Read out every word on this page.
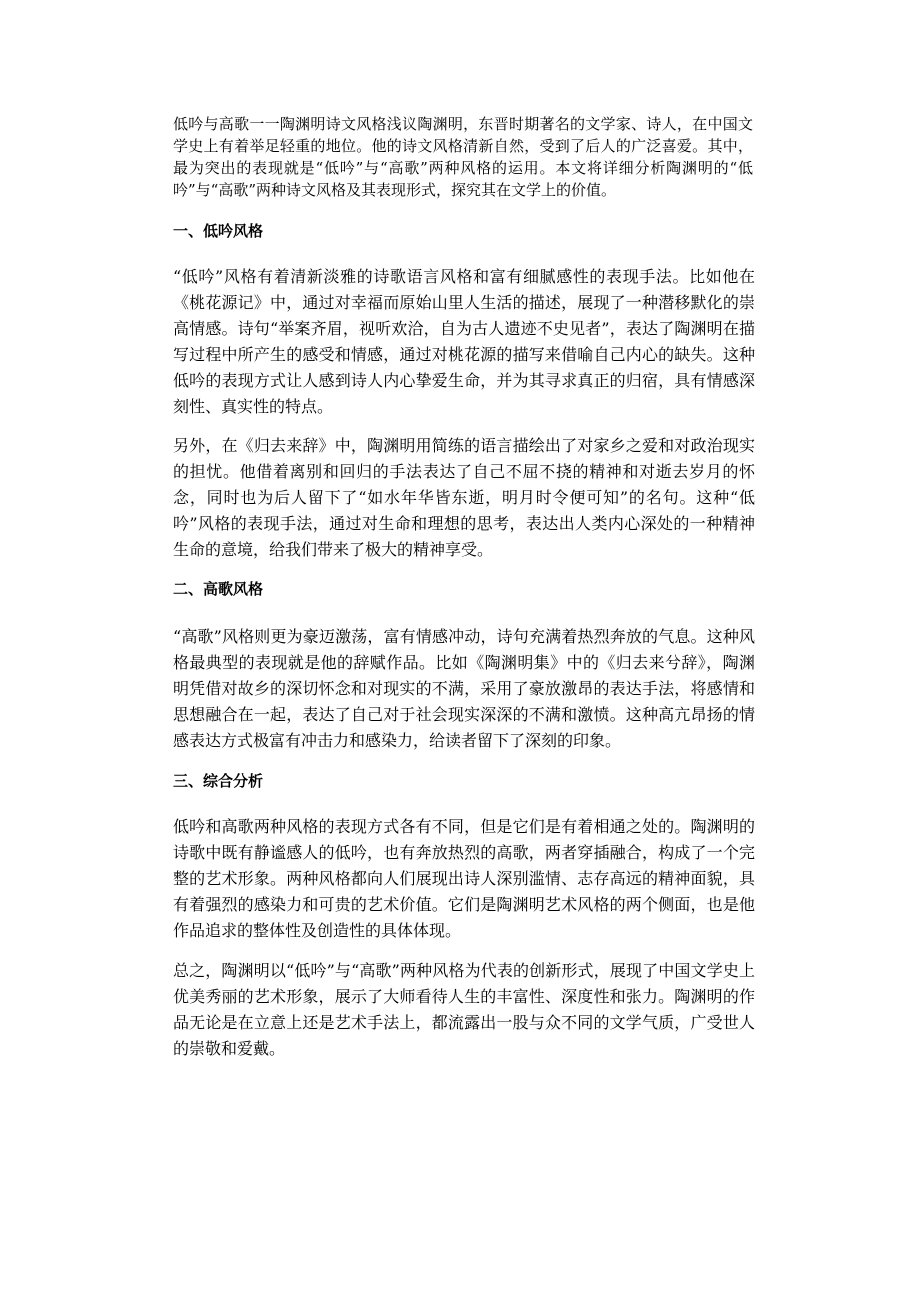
低吟与高歌一一陶渊明诗文风格浅议陶渊明，东晋时期著名的文学家、诗人，在中国文学史上有着举足轻重的地位。他的诗文风格清新自然，受到了后人的广泛喜爱。其中，最为突出的表现就是“低吟”与“高歌”两种风格的运用。本文将详细分析陶渊明的“低吟”与“高歌”两种诗文风格及其表现形式，探究其在文学上的价值。

一、低吟风格

“低吟”风格有着清新淡雅的诗歌语言风格和富有细腻感性的表现手法。比如他在《桃花源记》中，通过对幸福而原始山里人生活的描述，展现了一种潜移默化的崇高情感。诗句“举案齐眉，视听欢洽，自为古人遗迹不史见者”，表达了陶渊明在描写过程中所产生的感受和情感，通过对桃花源的描写来借喻自己内心的缺失。这种低吟的表现方式让人感到诗人内心挚爱生命，并为其寻求真正的归宿，具有情感深刻性、真实性的特点。

另外，在《归去来辞》中，陶渊明用简练的语言描绘出了对家乡之爱和对政治现实的担忧。他借着离别和回归的手法表达了自己不屈不挠的精神和对逝去岁月的怀念，同时也为后人留下了“如水年华皆东逝，明月时令便可知”的名句。这种“低吟”风格的表现手法，通过对生命和理想的思考，表达出人类内心深处的一种精神生命的意境，给我们带来了极大的精神享受。

二、高歌风格

“高歌”风格则更为豪迈激荡，富有情感冲动，诗句充满着热烈奔放的气息。这种风格最典型的表现就是他的辞赋作品。比如《陶渊明集》中的《归去来兮辞》，陶渊明凭借对故乡的深切怀念和对现实的不满，采用了豪放激昂的表达手法，将感情和思想融合在一起，表达了自己对于社会现实深深的不满和激愤。这种高亢昂扬的情感表达方式极富有冲击力和感染力，给读者留下了深刻的印象。

三、综合分析

低吟和高歌两种风格的表现方式各有不同，但是它们是有着相通之处的。陶渊明的诗歌中既有静谧感人的低吟，也有奔放热烈的高歌，两者穿插融合，构成了一个完整的艺术形象。两种风格都向人们展现出诗人深别滥情、志存高远的精神面貌，具有着强烈的感染力和可贵的艺术价值。它们是陶渊明艺术风格的两个侧面，也是他作品追求的整体性及创造性的具体体现。

总之，陶渊明以“低吟”与“高歌”两种风格为代表的创新形式，展现了中国文学史上优美秀丽的艺术形象，展示了大师看待人生的丰富性、深度性和张力。陶渊明的作品无论是在立意上还是艺术手法上，都流露出一股与众不同的文学气质，广受世人的崇敬和爱戴。
